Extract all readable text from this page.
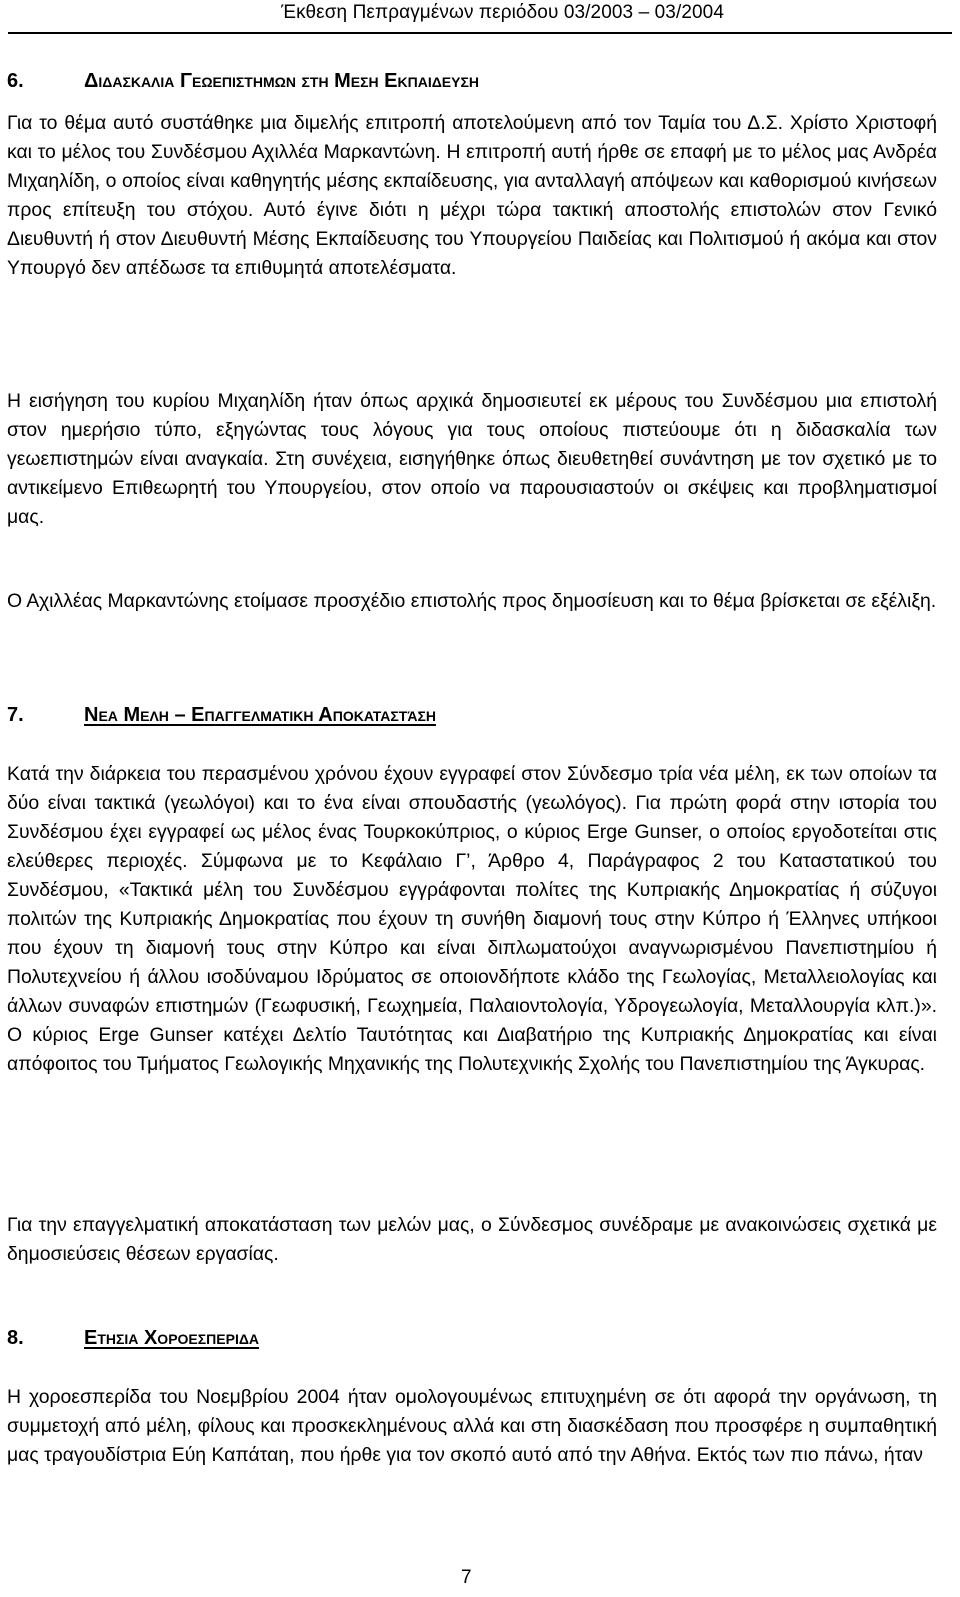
Έκθεση Πεπραγμένων περιόδου 03/2003 – 03/2004
6.	Διδασκαλια Γεωεπιστημων στη Μεση Εκπαιδευση

Για το θέμα αυτό συστάθηκε μια διμελής επιτροπή αποτελούμενη από τον Ταμία του Δ.Σ. Χρίστο Χριστοφή και το μέλος του Συνδέσμου Αχιλλέα Μαρκαντώνη. Η επιτροπή αυτή ήρθε σε επαφή με το μέλος μας Ανδρέα Μιχαηλίδη, ο οποίος είναι καθηγητής μέσης εκπαίδευσης, για ανταλλαγή απόψεων και καθορισμού κινήσεων προς επίτευξη του στόχου. Αυτό έγινε διότι η μέχρι τώρα τακτική αποστολής επιστολών στον Γενικό Διευθυντή ή στον Διευθυντή Μέσης Εκπαίδευσης του Υπουργείου Παιδείας και Πολιτισμού ή ακόμα και στον Υπουργό δεν απέδωσε τα επιθυμητά αποτελέσματα.

Η εισήγηση του κυρίου Μιχαηλίδη ήταν όπως αρχικά δημοσιευτεί εκ μέρους του Συνδέσμου μια επιστολή στον ημερήσιο τύπο, εξηγώντας τους λόγους για τους οποίους πιστεύουμε ότι η διδασκαλία των γεωεπιστημών είναι αναγκαία. Στη συνέχεια, εισηγήθηκε όπως διευθετηθεί συνάντηση με τον σχετικό με το αντικείμενο Επιθεωρητή του Υπουργείου, στον οποίο να παρουσιαστούν οι σκέψεις και προβληματισμοί μας.

Ο Αχιλλέας Μαρκαντώνης ετοίμασε προσχέδιο επιστολής προς δημοσίευση και το θέμα βρίσκεται σε εξέλιξη.

7.	Νεα Μελη – Επαγγελματικη Αποκαταστάση

Κατά την διάρκεια του περασμένου χρόνου έχουν εγγραφεί στον Σύνδεσμο τρία νέα μέλη, εκ των οποίων τα δύο είναι τακτικά (γεωλόγοι) και το ένα είναι σπουδαστής (γεωλόγος). Για πρώτη φορά στην ιστορία του Συνδέσμου έχει εγγραφεί ως μέλος ένας Τουρκοκύπριος, ο κύριος Erge Gunser, ο οποίος εργοδοτείται στις ελεύθερες περιοχές. Σύμφωνα με το Κεφάλαιο Γ’, Άρθρο 4, Παράγραφος 2 του Καταστατικού του Συνδέσμου, «Τακτικά μέλη του Συνδέσμου εγγράφονται πολίτες της Κυπριακής Δημοκρατίας ή σύζυγοι πολιτών της Κυπριακής Δημοκρατίας που έχουν τη συνήθη διαμονή τους στην Κύπρο ή Έλληνες υπήκοοι που έχουν τη διαμονή τους στην Κύπρο και είναι διπλωματούχοι αναγνωρισμένου Πανεπιστημίου ή Πολυτεχνείου ή άλλου ισοδύναμου Ιδρύματος σε οποιονδήποτε κλάδο της Γεωλογίας, Μεταλλειολογίας και άλλων συναφών επιστημών (Γεωφυσική, Γεωχημεία, Παλαιοντολογία, Υδρογεωλογία, Μεταλλουργία κλπ.)». Ο κύριος Erge Gunser κατέχει Δελτίο Ταυτότητας και Διαβατήριο της Κυπριακής Δημοκρατίας και είναι απόφοιτος του Τμήματος Γεωλογικής Μηχανικής της Πολυτεχνικής Σχολής του Πανεπιστημίου της Άγκυρας.

Για την επαγγελματική αποκατάσταση των μελών μας, ο Σύνδεσμος συνέδραμε με ανακοινώσεις σχετικά με δημοσιεύσεις θέσεων εργασίας.

8.	Ετησια Χοροεσπεριδα

Η χοροεσπερίδα του Νοεμβρίου 2004 ήταν ομολογουμένως επιτυχημένη σε ότι αφορά την οργάνωση, τη συμμετοχή από μέλη, φίλους και προσκεκλημένους αλλά και στη διασκέδαση που προσφέρε η συμπαθητική μας τραγουδίστρια Εύη Καπάταη, που ήρθε για τον σκοπό αυτό από την Αθήνα. Εκτός των πιο πάνω, ήταν

7
